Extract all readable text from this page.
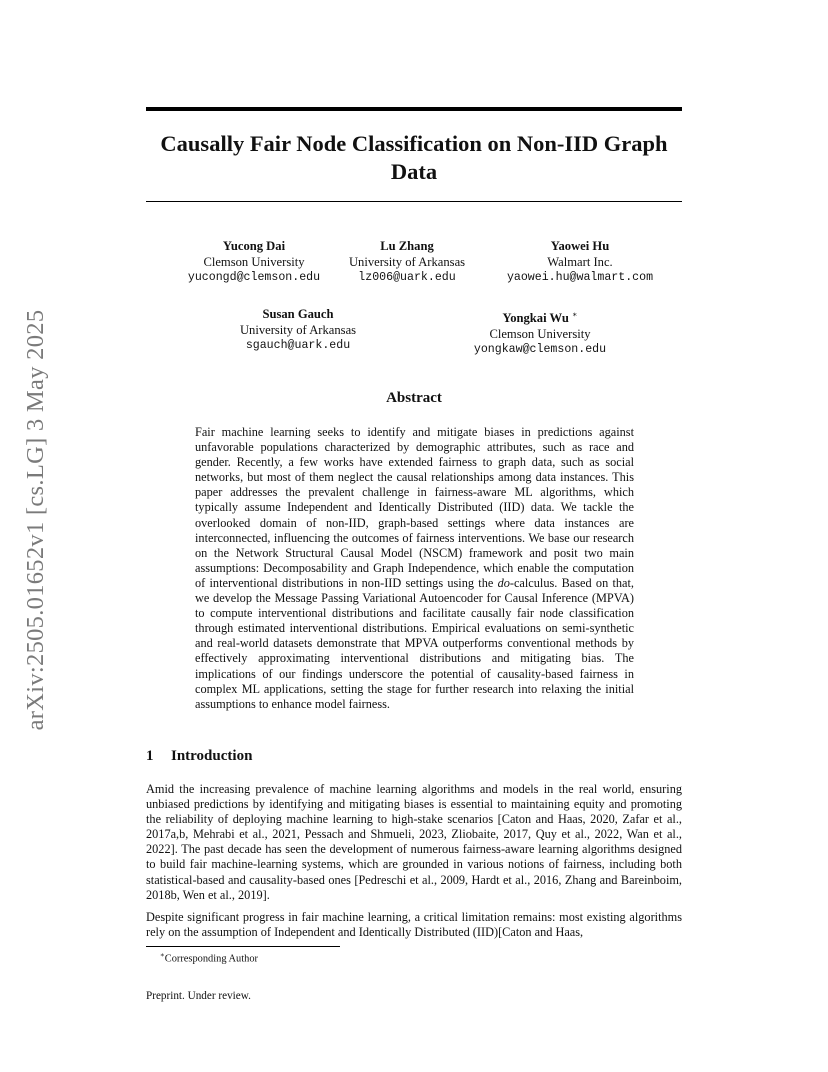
arXiv:2505.01652v1 [cs.LG] 3 May 2025
Causally Fair Node Classification on Non-IID Graph Data
Yucong Dai
Clemson University
yucongd@clemson.edu
Lu Zhang
University of Arkansas
lz006@uark.edu
Yaowei Hu
Walmart Inc.
yaowei.hu@walmart.com
Susan Gauch
University of Arkansas
sgauch@uark.edu
Yongkai Wu ∗
Clemson University
yongkaw@clemson.edu
Abstract

Fair machine learning seeks to identify and mitigate biases in predictions against unfavorable populations characterized by demographic attributes, such as race and gender. Recently, a few works have extended fairness to graph data, such as social networks, but most of them neglect the causal relationships among data instances. This paper addresses the prevalent challenge in fairness-aware ML algorithms, which typically assume Independent and Identically Distributed (IID) data. We tackle the overlooked domain of non-IID, graph-based settings where data instances are interconnected, influencing the outcomes of fairness interventions. We base our research on the Network Structural Causal Model (NSCM) framework and posit two main assumptions: Decomposability and Graph Independence, which enable the computation of interventional distributions in non-IID settings using the do-calculus. Based on that, we develop the Message Passing Variational Autoencoder for Causal Inference (MPVA) to compute interventional distributions and facilitate causally fair node classification through estimated interventional distributions. Empirical evaluations on semi-synthetic and real-world datasets demonstrate that MPVA outperforms conventional methods by effectively approximating interventional distributions and mitigating bias. The implications of our findings underscore the potential of causality-based fairness in complex ML applications, setting the stage for further research into relaxing the initial assumptions to enhance model fairness.

1 Introduction

Amid the increasing prevalence of machine learning algorithms and models in the real world, ensuring unbiased predictions by identifying and mitigating biases is essential to maintaining equity and promoting the reliability of deploying machine learning to high-stake scenarios [Caton and Haas, 2020, Zafar et al., 2017a,b, Mehrabi et al., 2021, Pessach and Shmueli, 2023, Zliobaite, 2017, Quy et al., 2022, Wan et al., 2022]. The past decade has seen the development of numerous fairness-aware learning algorithms designed to build fair machine-learning systems, which are grounded in various notions of fairness, including both statistical-based and causality-based ones [Pedreschi et al., 2009, Hardt et al., 2016, Zhang and Bareinboim, 2018b, Wen et al., 2019].

Despite significant progress in fair machine learning, a critical limitation remains: most existing algorithms rely on the assumption of Independent and Identically Distributed (IID)[Caton and Haas,

∗Corresponding Author

Preprint. Under review.
